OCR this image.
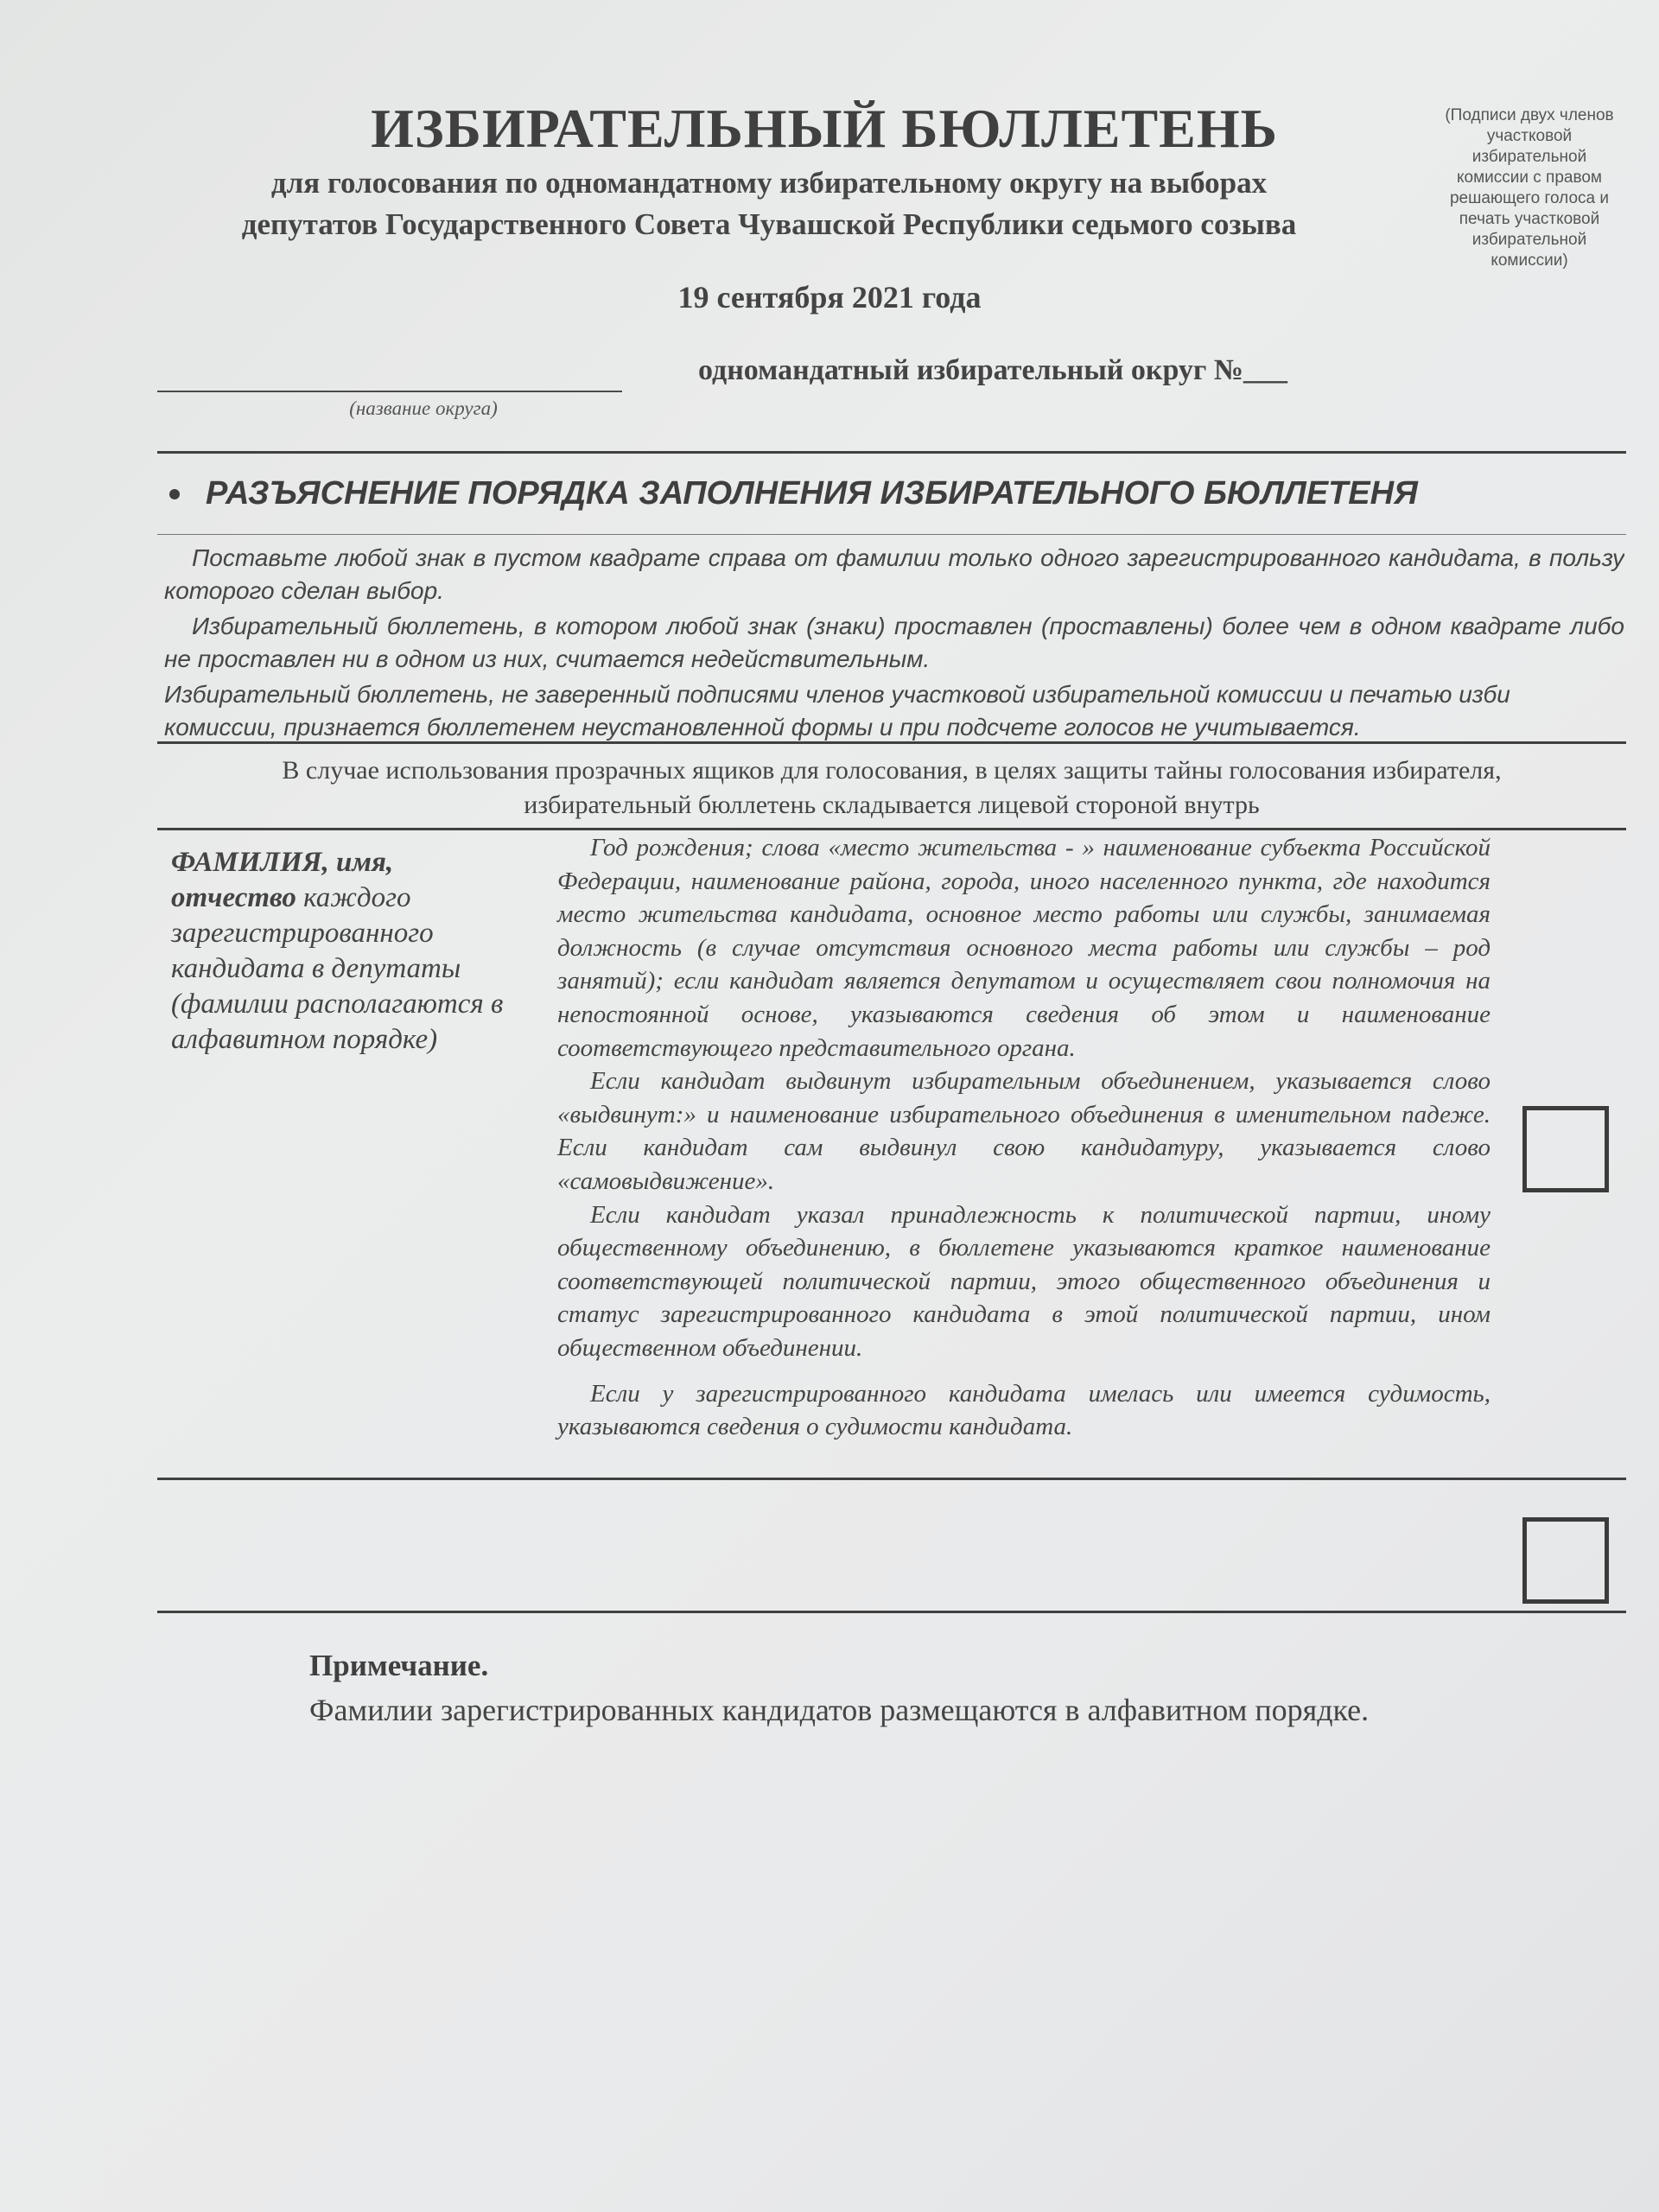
ИЗБИРАТЕЛЬНЫЙ БЮЛЛЕТЕНЬ
для голосования по одномандатному избирательному округу на выборах
депутатов Государственного Совета Чувашской Республики седьмого созыва
19 сентября 2021 года
(Подписи двух членов участковой избирательной комиссии с правом решающего голоса и печать участковой избирательной комиссии)
(название округа)
одномандатный избирательный округ №___
РАЗЪЯСНЕНИЕ ПОРЯДКА ЗАПОЛНЕНИЯ ИЗБИРАТЕЛЬНОГО БЮЛЛЕТЕНЯ
Поставьте любой знак в пустом квадрате справа от фамилии только одного зарегистрированного кандидата, в пользу которого сделан выбор.
Избирательный бюллетень, в котором любой знак (знаки) проставлен (проставлены) более чем в одном квадрате либо не проставлен ни в одном из них, считается недействительным.
Избирательный бюллетень, не заверенный подписями членов участковой избирательной комиссии и печатью изби
комиссии, признается бюллетенем неустановленной формы и при подсчете голосов не учитывается.
В случае использования прозрачных ящиков для голосования, в целях защиты тайны голосования избирателя,
избирательный бюллетень складывается лицевой стороной внутрь
ФАМИЛИЯ, имя,
отчество каждого зарегистрированного кандидата в депутаты (фамилии располагаются в алфавитном порядке)

Год рождения; слова «место жительства - » наименование субъекта Российской Федерации, наименование района, города, иного населенного пункта, где находится место жительства кандидата, основное место работы или службы, занимаемая должность (в случае отсутствия основного места работы или службы – род занятий); если кандидат является депутатом и осуществляет свои полномочия на непостоянной основе, указываются сведения об этом и наименование соответствующего представительного органа.

Если кандидат выдвинут избирательным объединением, указывается слово «выдвинут:» и наименование избирательного объединения в именительном падеже. Если кандидат сам выдвинул свою кандидатуру, указывается слово «самовыдвижение».

Если кандидат указал принадлежность к политической партии, иному общественному объединению, в бюллетене указываются краткое наименование соответствующей политической партии, этого общественного объединения и статус зарегистрированного кандидата в этой политической партии, ином общественном объединении.

Если у зарегистрированного кандидата имелась или имеется судимость, указываются сведения о судимости кандидата.

Примечание.
Фамилии зарегистрированных кандидатов размещаются в алфавитном порядке.
